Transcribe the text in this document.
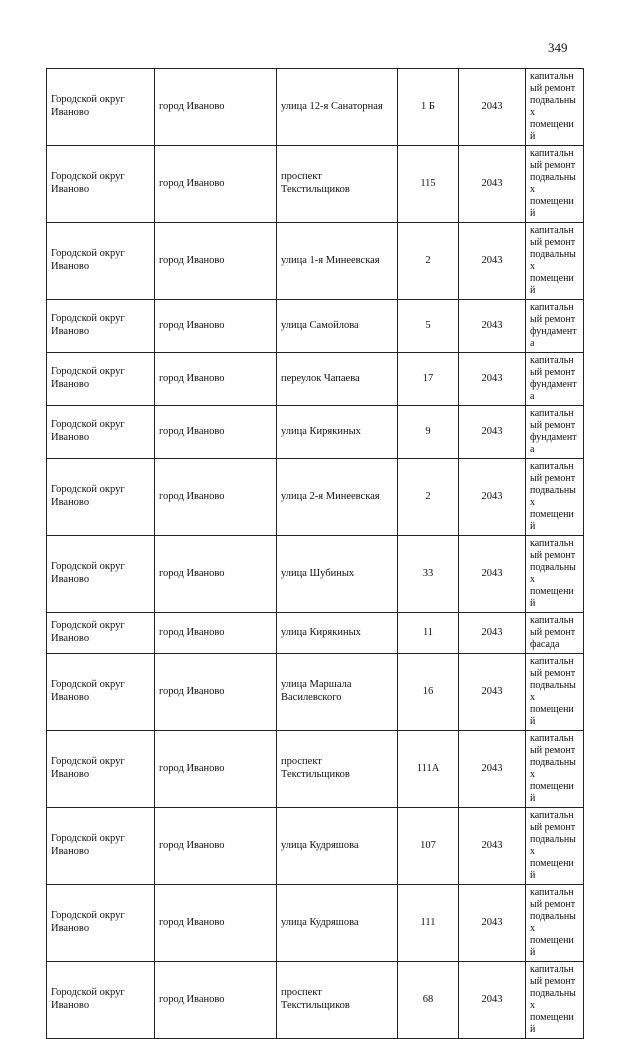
349
Городской округ Иваново	город Иваново	улица 12-я Санаторная	1 Б	2043	капитальный ремонт подвальных помещений
Городской округ Иваново	город Иваново	проспект Текстильщиков	115	2043	капитальный ремонт подвальных помещений
Городской округ Иваново	город Иваново	улица 1-я Минеевская	2	2043	капитальный ремонт подвальных помещений
Городской округ Иваново	город Иваново	улица Самойлова	5	2043	капитальный ремонт фундамента
Городской округ Иваново	город Иваново	переулок Чапаева	17	2043	капитальный ремонт фундамента
Городской округ Иваново	город Иваново	улица Кирякиных	9	2043	капитальный ремонт фундамента
Городской округ Иваново	город Иваново	улица 2-я Минеевская	2	2043	капитальный ремонт подвальных помещений
Городской округ Иваново	город Иваново	улица Шубиных	33	2043	капитальный ремонт подвальных помещений
Городской округ Иваново	город Иваново	улица Кирякиных	11	2043	капитальный ремонт фасада
Городской округ Иваново	город Иваново	улица Маршала Василевского	16	2043	капитальный ремонт подвальных помещений
Городской округ Иваново	город Иваново	проспект Текстильщиков	111А	2043	капитальный ремонт подвальных помещений
Городской округ Иваново	город Иваново	улица Кудряшова	107	2043	капитальный ремонт подвальных помещений
Городской округ Иваново	город Иваново	улица Кудряшова	111	2043	капитальный ремонт подвальных помещений
Городской округ Иваново	город Иваново	проспект Текстильщиков	68	2043	капитальный ремонт подвальных помещений
